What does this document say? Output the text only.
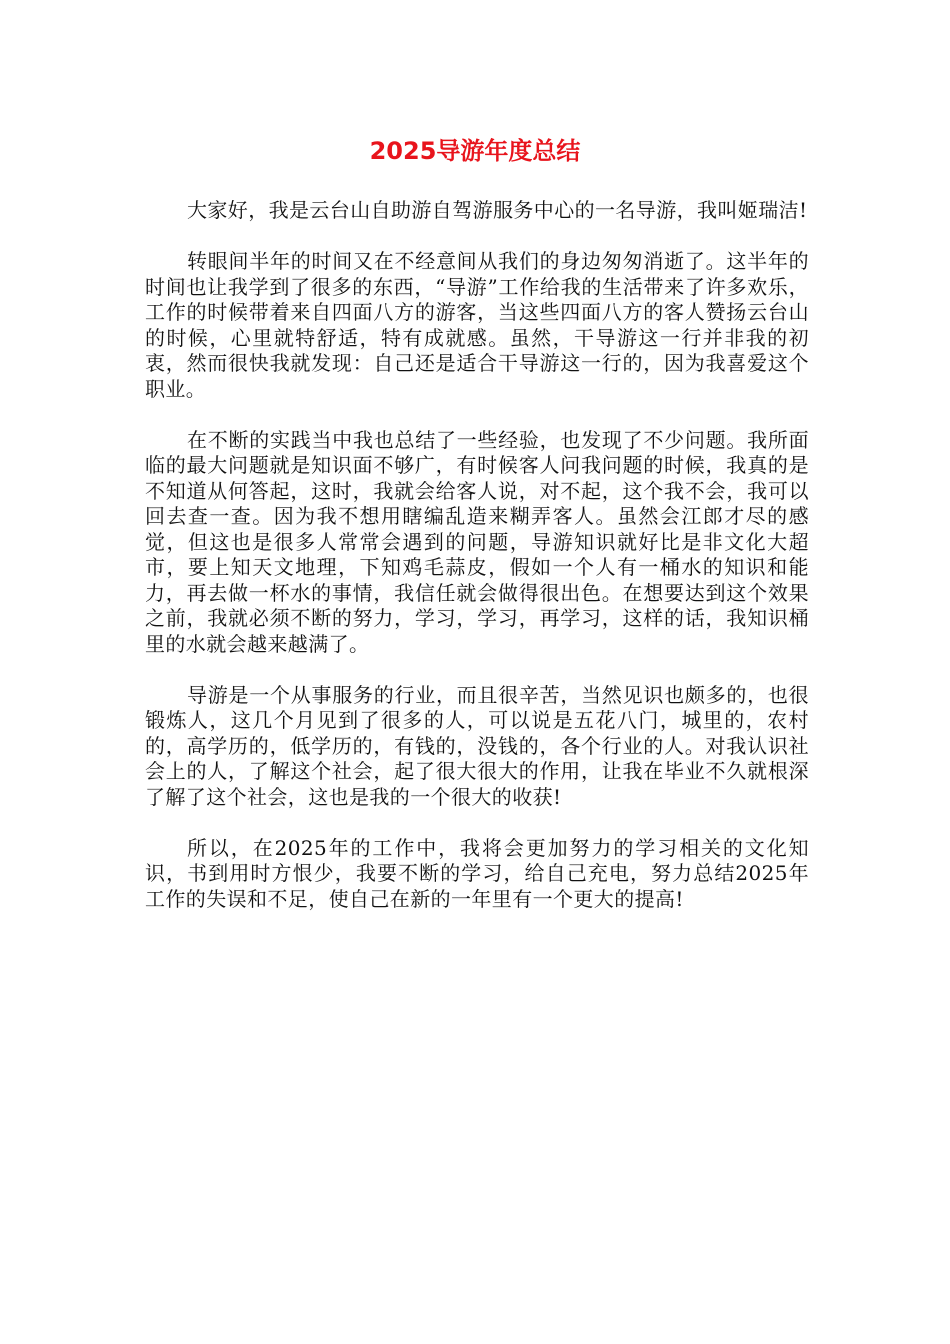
2025导游年度总结

大家好，我是云台山自助游自驾游服务中心的一名导游，我叫姬瑞洁!

转眼间半年的时间又在不经意间从我们的身边匆匆消逝了。这半年的时间也让我学到了很多的东西，“导游”工作给我的生活带来了许多欢乐，工作的时候带着来自四面八方的游客，当这些四面八方的客人赞扬云台山的时候，心里就特舒适，特有成就感。虽然，干导游这一行并非我的初衷，然而很快我就发现：自己还是适合干导游这一行的，因为我喜爱这个职业。

在不断的实践当中我也总结了一些经验，也发现了不少问题。我所面临的最大问题就是知识面不够广，有时候客人问我问题的时候，我真的是不知道从何答起，这时，我就会给客人说，对不起，这个我不会，我可以回去查一查。因为我不想用瞎编乱造来糊弄客人。虽然会江郎才尽的感觉，但这也是很多人常常会遇到的问题，导游知识就好比是非文化大超市，要上知天文地理，下知鸡毛蒜皮，假如一个人有一桶水的知识和能力，再去做一杯水的事情，我信任就会做得很出色。在想要达到这个效果之前，我就必须不断的努力，学习，学习，再学习，这样的话，我知识桶里的水就会越来越满了。

导游是一个从事服务的行业，而且很辛苦，当然见识也颇多的，也很锻炼人，这几个月见到了很多的人，可以说是五花八门，城里的，农村的，高学历的，低学历的，有钱的，没钱的，各个行业的人。对我认识社会上的人，了解这个社会，起了很大很大的作用，让我在毕业不久就根深了解了这个社会，这也是我的一个很大的收获!

所以，在2025年的工作中，我将会更加努力的学习相关的文化知识，书到用时方恨少，我要不断的学习，给自己充电，努力总结2025年工作的失误和不足，使自己在新的一年里有一个更大的提高!
